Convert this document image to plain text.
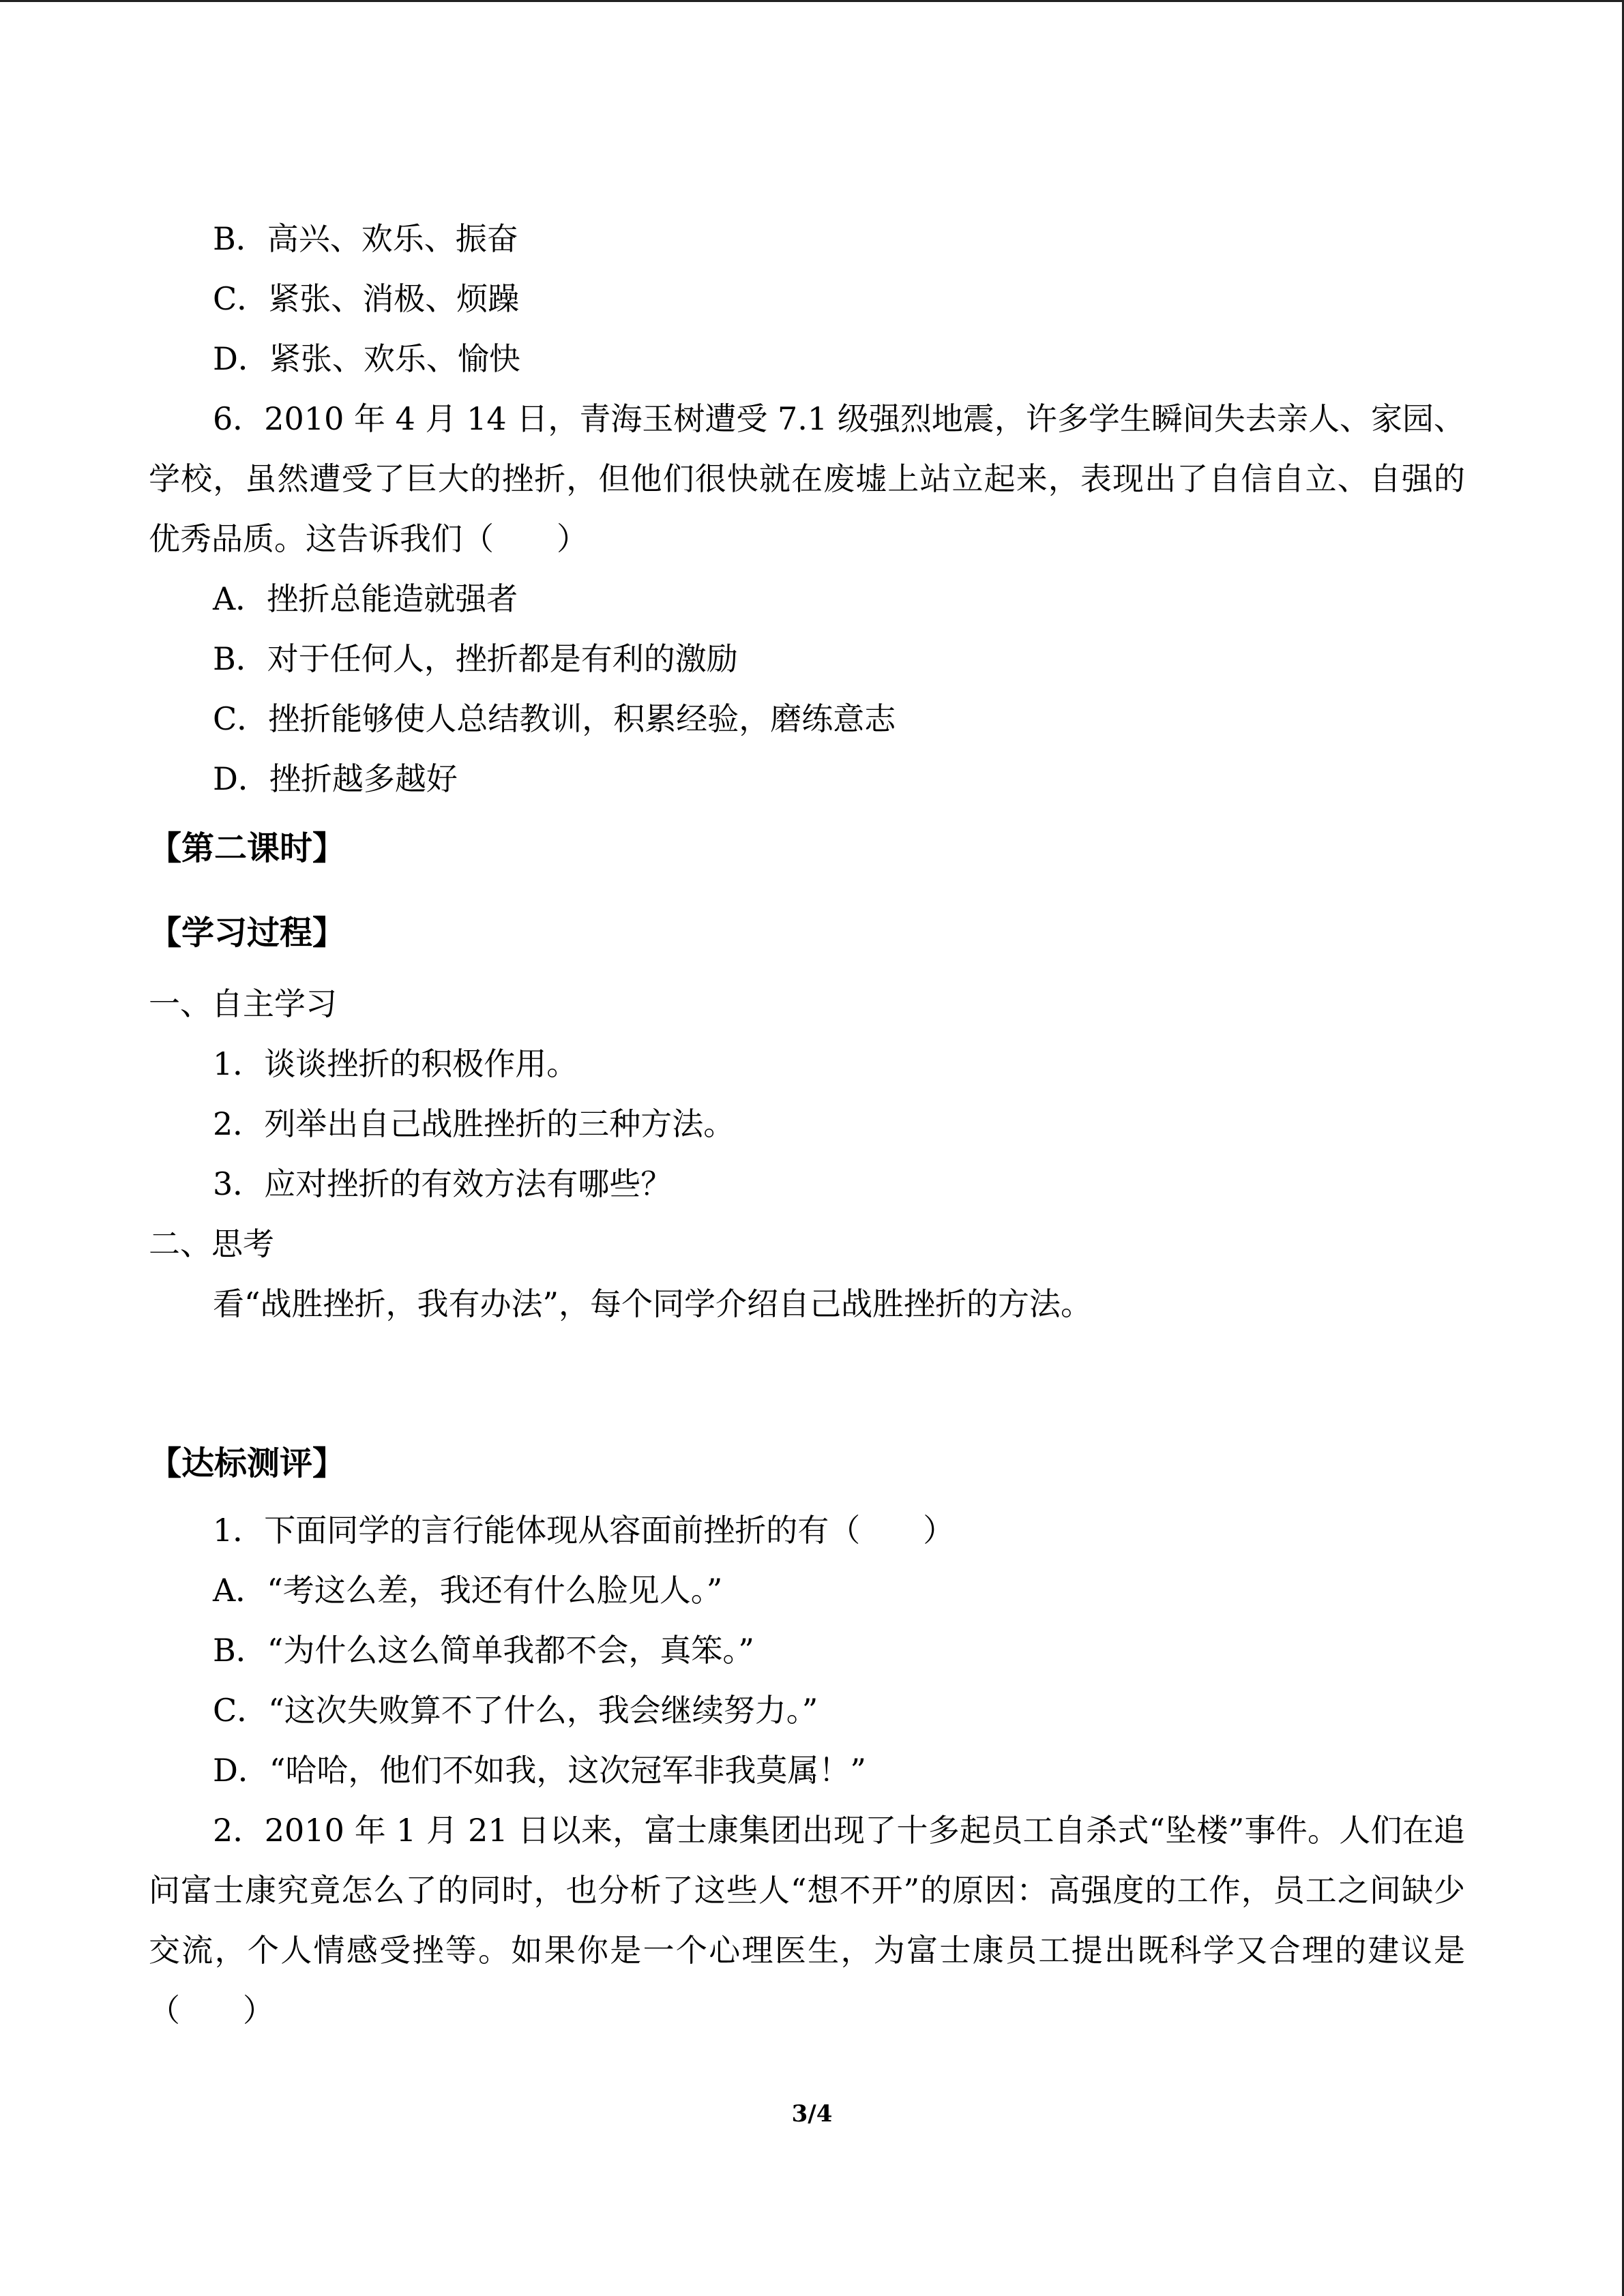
B．高兴、欢乐、振奋

C．紧张、消极、烦躁

D．紧张、欢乐、愉快

6．2010 年 4 月 14 日，青海玉树遭受 7.1 级强烈地震，许多学生瞬间失去亲人、家园、学校，虽然遭受了巨大的挫折，但他们很快就在废墟上站立起来，表现出了自信自立、自强的优秀品质。这告诉我们（　　）

A．挫折总能造就强者

B．对于任何人，挫折都是有利的激励

C．挫折能够使人总结教训，积累经验，磨练意志

D．挫折越多越好

【第二课时】

【学习过程】

一、自主学习

1．谈谈挫折的积极作用。

2．列举出自己战胜挫折的三种方法。

3．应对挫折的有效方法有哪些？

二、思考

看“战胜挫折，我有办法”，每个同学介绍自己战胜挫折的方法。

【达标测评】

1．下面同学的言行能体现从容面前挫折的有（　　）

A．“考这么差，我还有什么脸见人。”

B．“为什么这么简单我都不会，真笨。”

C．“这次失败算不了什么，我会继续努力。”

D．“哈哈，他们不如我，这次冠军非我莫属！”

2．2010 年 1 月 21 日以来，富士康集团出现了十多起员工自杀式“坠楼”事件。人们在追问富士康究竟怎么了的同时，也分析了这些人“想不开”的原因：高强度的工作，员工之间缺少交流，个人情感受挫等。如果你是一个心理医生，为富士康员工提出既科学又合理的建议是（　　）

3/4
